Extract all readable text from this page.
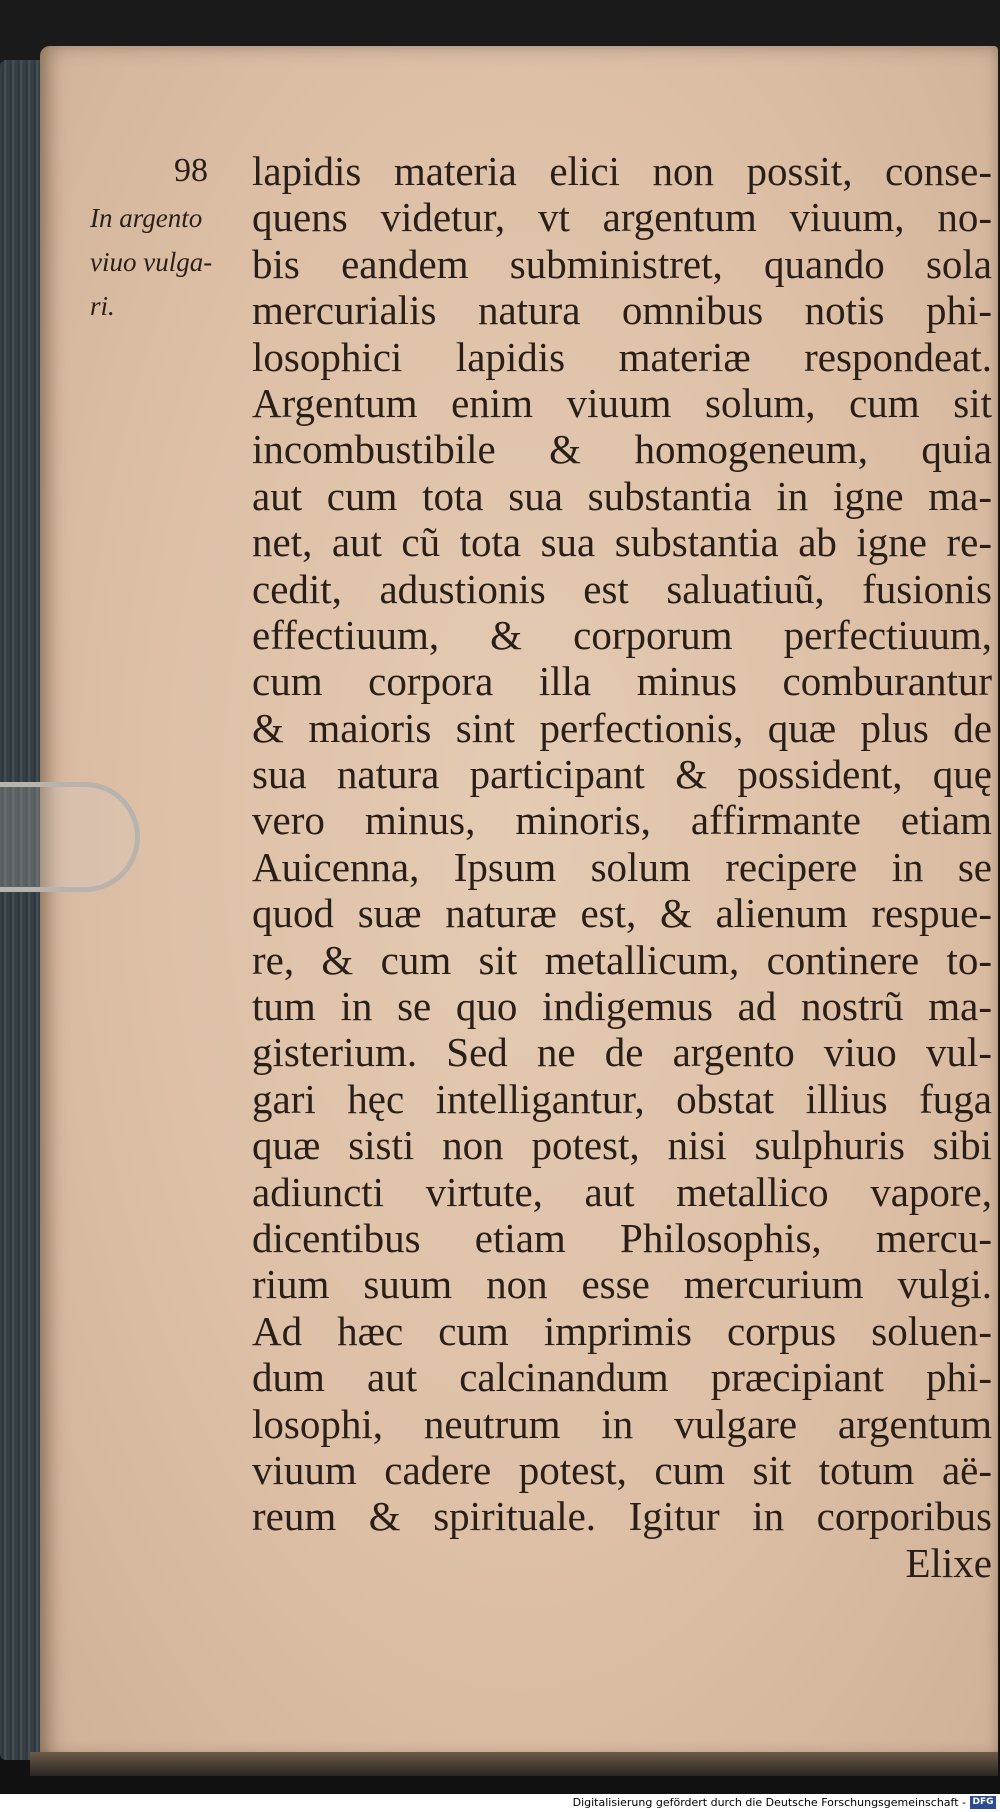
98
In argento
viuo vulga-
ri.
lapidis materia elici non possit, conse-
quens videtur, vt argentum viuum, no-
bis eandem subministret, quando sola
mercurialis natura omnibus notis phi-
losophici lapidis materiæ respondeat.
Argentum enim viuum solum, cum sit
incombustibile & homogeneum, quia
aut cum tota sua substantia in igne ma-
net, aut cũ tota sua substantia ab igne re-
cedit, adustionis est saluatiuũ, fusionis
effectiuum, & corporum perfectiuum,
cum corpora illa minus comburantur
& maioris sint perfectionis, quæ plus de
sua natura participant & possident, quę
vero minus, minoris, affirmante etiam
Auicenna, Ipsum solum recipere in se
quod suæ naturæ est, & alienum respue-
re, & cum sit metallicum, continere to-
tum in se quo indigemus ad nostrũ ma-
gisterium. Sed ne de argento viuo vul-
gari hęc intelligantur, obstat illius fuga
quæ sisti non potest, nisi sulphuris sibi
adiuncti virtute, aut metallico vapore,
dicentibus etiam Philosophis, mercu-
rium suum non esse mercurium vulgi.
Ad hæc cum imprimis corpus soluen-
dum aut calcinandum præcipiant phi-
losophi, neutrum in vulgare argentum
viuum cadere potest, cum sit totum aë-
reum & spirituale. Igitur in corporibus
Elixe
Digitalisierung gefördert durch die Deutsche Forschungsgemeinschaft - DFG
